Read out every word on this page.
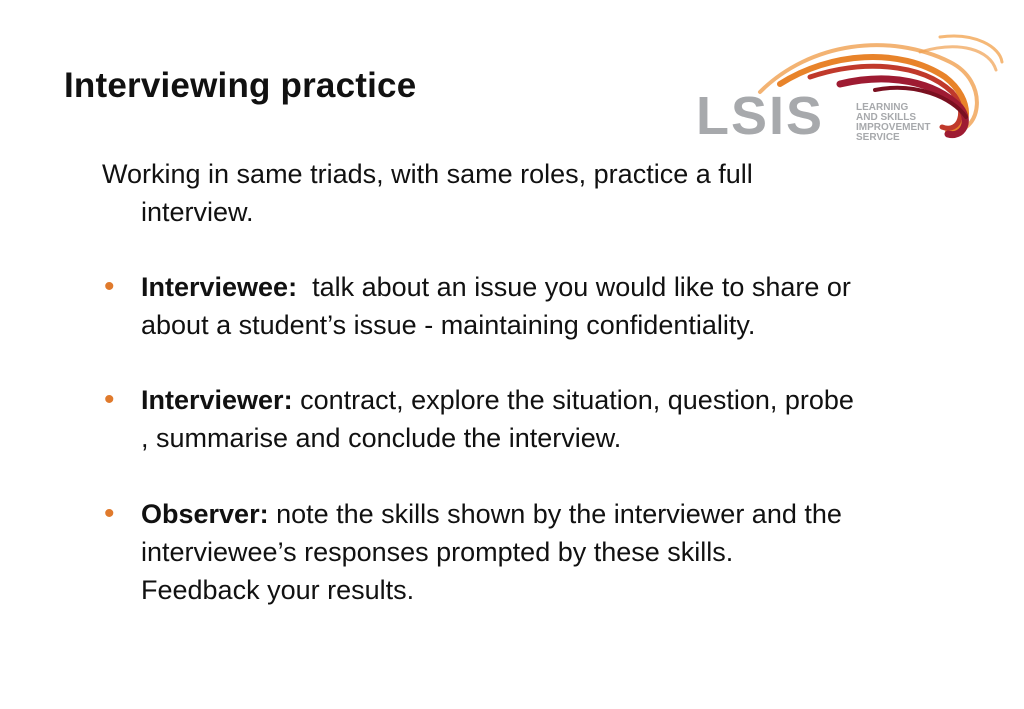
Interviewing practice
LSIS	LEARNING
AND SKILLS
IMPROVEMENT
SERVICE
Working in same triads, with same roles, practice a full
interview.
• Interviewee:  talk about an issue you would like to share or
about a student’s issue - maintaining confidentiality.
• Interviewer: contract, explore the situation, question, probe
, summarise and conclude the interview.
• Observer: note the skills shown by the interviewer and the
interviewee’s responses prompted by these skills.
Feedback your results.
